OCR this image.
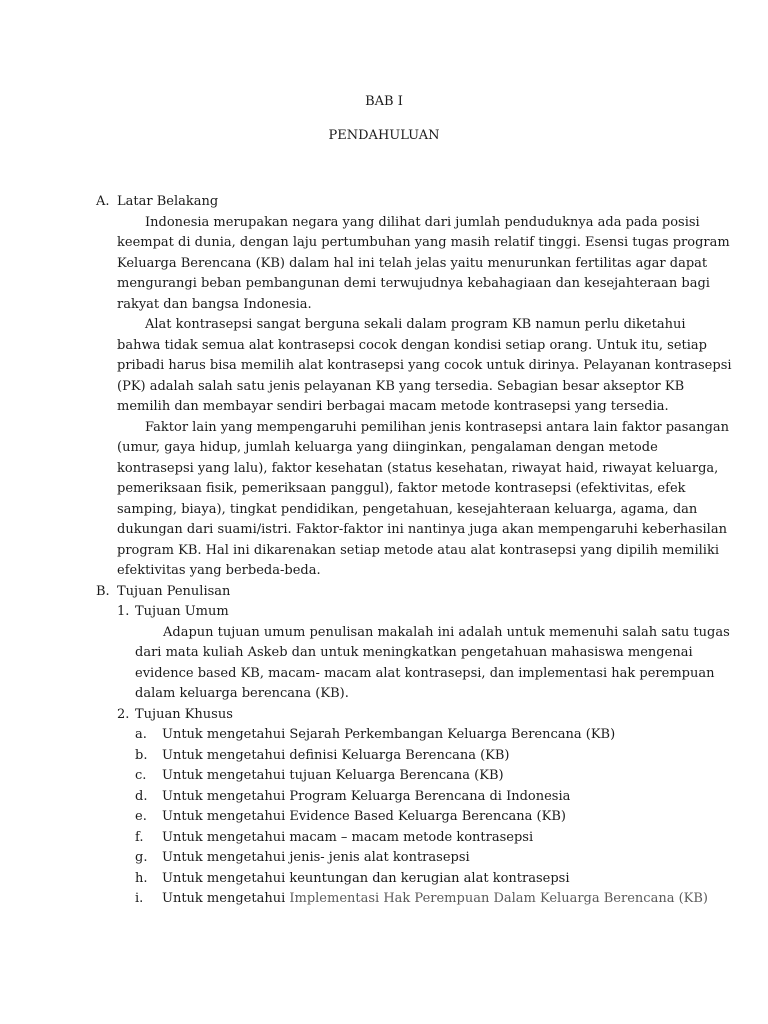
BAB I
PENDAHULUAN
A. Latar Belakang
Indonesia merupakan negara yang dilihat dari jumlah penduduknya ada pada posisi
keempat di dunia, dengan laju pertumbuhan yang masih relatif tinggi. Esensi tugas program
Keluarga Berencana (KB) dalam hal ini telah jelas yaitu menurunkan fertilitas agar dapat
mengurangi beban pembangunan demi terwujudnya kebahagiaan dan kesejahteraan bagi
rakyat dan bangsa Indonesia.
Alat kontrasepsi sangat berguna sekali dalam program KB namun perlu diketahui
bahwa tidak semua alat kontrasepsi cocok dengan kondisi setiap orang. Untuk itu, setiap
pribadi harus bisa memilih alat kontrasepsi yang cocok untuk dirinya. Pelayanan kontrasepsi
(PK) adalah salah satu jenis pelayanan KB yang tersedia. Sebagian besar akseptor KB
memilih dan membayar sendiri berbagai macam metode kontrasepsi yang tersedia.
Faktor lain yang mempengaruhi pemilihan jenis kontrasepsi antara lain faktor pasangan
(umur, gaya hidup, jumlah keluarga yang diinginkan, pengalaman dengan metode
kontrasepsi yang lalu), faktor kesehatan (status kesehatan, riwayat haid, riwayat keluarga,
pemeriksaan fisik, pemeriksaan panggul), faktor metode kontrasepsi (efektivitas, efek
samping, biaya), tingkat pendidikan, pengetahuan, kesejahteraan keluarga, agama, dan
dukungan dari suami/istri. Faktor-faktor ini nantinya juga akan mempengaruhi keberhasilan
program KB. Hal ini dikarenakan setiap metode atau alat kontrasepsi yang dipilih memiliki
efektivitas yang berbeda-beda.
B. Tujuan Penulisan
1. Tujuan Umum
Adapun tujuan umum penulisan makalah ini adalah untuk memenuhi salah satu tugas
dari mata kuliah Askeb dan untuk meningkatkan pengetahuan mahasiswa mengenai
evidence based KB, macam- macam alat kontrasepsi, dan implementasi hak perempuan
dalam keluarga berencana (KB).
2. Tujuan Khusus
a.	Untuk mengetahui Sejarah Perkembangan Keluarga Berencana (KB)
b.	Untuk mengetahui definisi Keluarga Berencana (KB)
c.	Untuk mengetahui tujuan Keluarga Berencana (KB)
d.	Untuk mengetahui Program Keluarga Berencana di Indonesia
e.	Untuk mengetahui Evidence Based Keluarga Berencana (KB)
f.	Untuk mengetahui macam – macam metode kontrasepsi
g.	Untuk mengetahui jenis- jenis alat kontrasepsi
h.	Untuk mengetahui keuntungan dan kerugian alat kontrasepsi
i.	Untuk mengetahui Implementasi Hak Perempuan Dalam Keluarga Berencana (KB)
